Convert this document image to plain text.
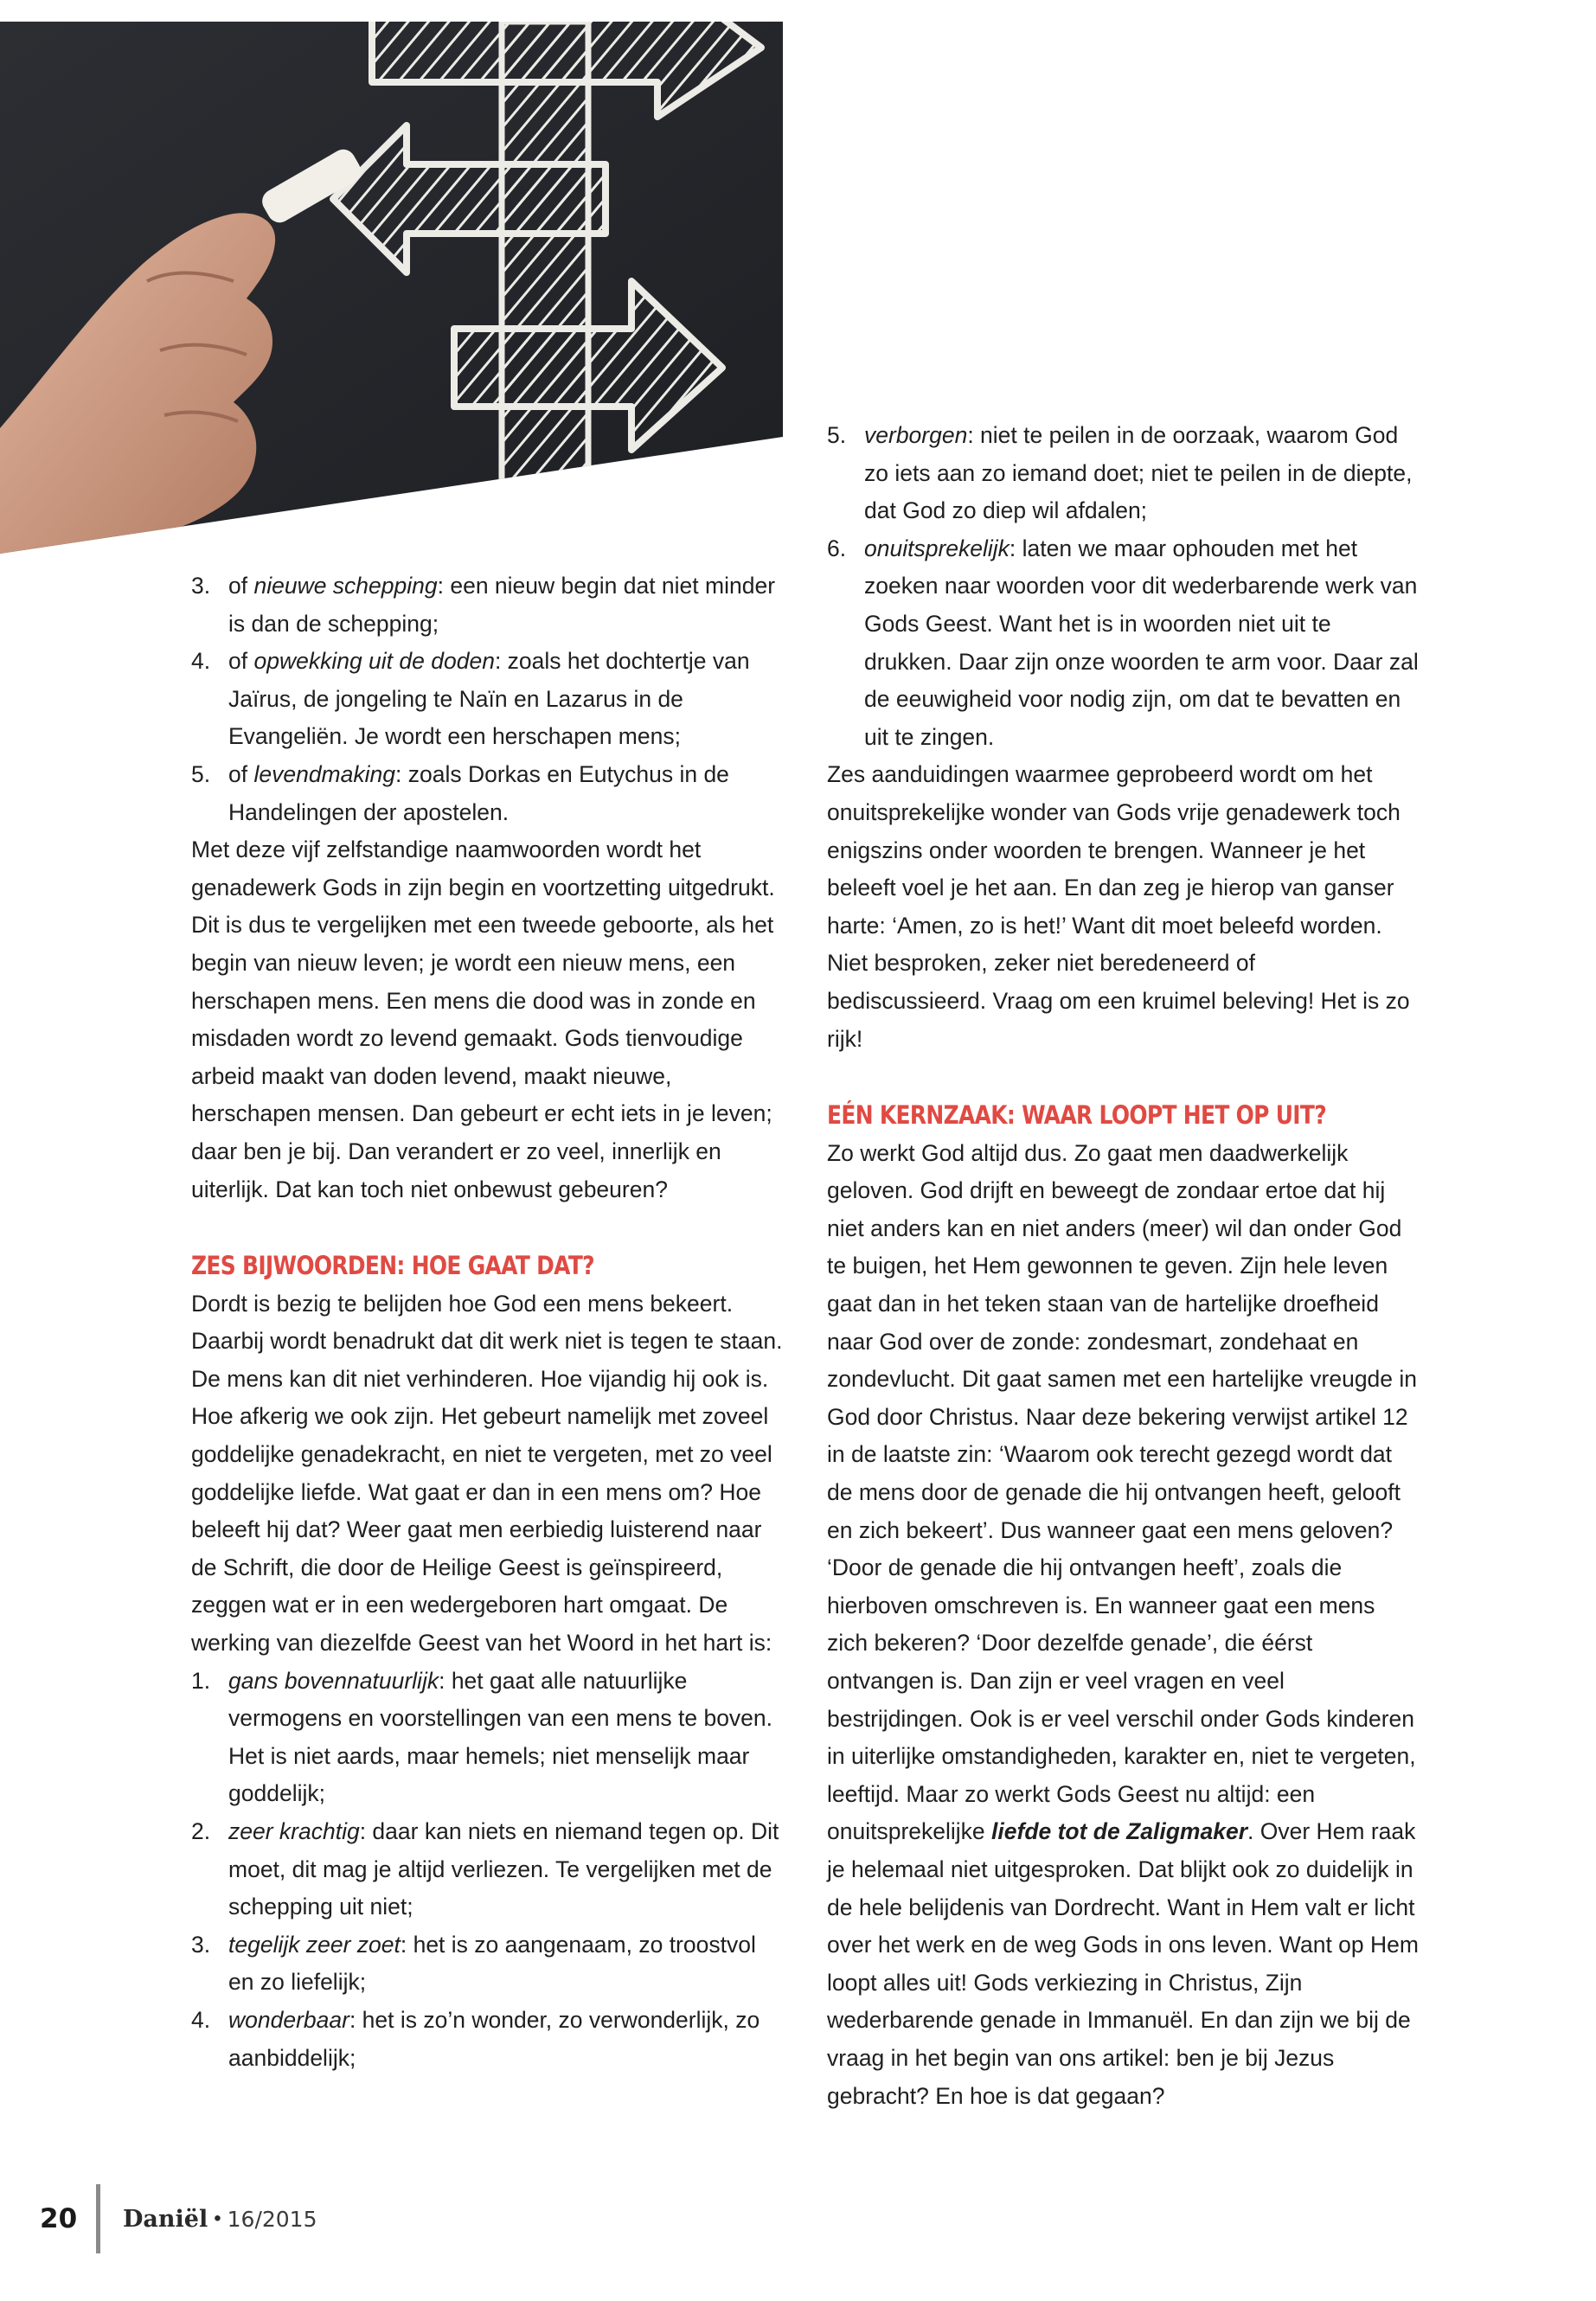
3. of nieuwe schepping: een nieuw begin dat niet minder is dan de schepping;

4. of opwekking uit de doden: zoals het dochtertje van Jaïrus, de jongeling te Naïn en Lazarus in de Evangeliën. Je wordt een herschapen mens;

5. of levendmaking: zoals Dorkas en Eutychus in de Handelingen der apostelen.

Met deze vijf zelfstandige naamwoorden wordt het genadewerk Gods in zijn begin en voortzetting uitgedrukt. Dit is dus te vergelijken met een tweede geboorte, als het begin van nieuw leven; je wordt een nieuw mens, een herschapen mens. Een mens die dood was in zonde en misdaden wordt zo levend gemaakt. Gods tienvoudige arbeid maakt van doden levend, maakt nieuwe, herschapen mensen. Dan gebeurt er echt iets in je leven; daar ben je bij. Dan verandert er zo veel, innerlijk en uiterlijk. Dat kan toch niet onbewust gebeuren?

ZES BIJWOORDEN: HOE GAAT DAT?

Dordt is bezig te belijden hoe God een mens bekeert. Daarbij wordt benadrukt dat dit werk niet is tegen te staan. De mens kan dit niet verhinderen. Hoe vijandig hij ook is. Hoe afkerig we ook zijn. Het gebeurt namelijk met zoveel goddelijke genadekracht, en niet te vergeten, met zo veel goddelijke liefde. Wat gaat er dan in een mens om? Hoe beleeft hij dat? Weer gaat men eerbiedig luisterend naar de Schrift, die door de Heilige Geest is geïnspireerd, zeggen wat er in een wedergeboren hart omgaat. De werking van diezelfde Geest van het Woord in het hart is:

1. gans bovennatuurlijk: het gaat alle natuurlijke vermogens en voorstellingen van een mens te boven. Het is niet aards, maar hemels; niet menselijk maar goddelijk;

2. zeer krachtig: daar kan niets en niemand tegen op. Dit moet, dit mag je altijd verliezen. Te vergelijken met de schepping uit niet;

3. tegelijk zeer zoet: het is zo aangenaam, zo troostvol en zo liefelijk;

4. wonderbaar: het is zo’n wonder, zo verwonderlijk, zo aanbiddelijk;

5. verborgen: niet te peilen in de oorzaak, waarom God zo iets aan zo iemand doet; niet te peilen in de diepte, dat God zo diep wil afdalen;

6. onuitsprekelijk: laten we maar ophouden met het zoeken naar woorden voor dit wederbarende werk van Gods Geest. Want het is in woorden niet uit te drukken. Daar zijn onze woorden te arm voor. Daar zal de eeuwigheid voor nodig zijn, om dat te bevatten en uit te zingen.

Zes aanduidingen waarmee geprobeerd wordt om het onuitsprekelijke wonder van Gods vrije genadewerk toch enigszins onder woorden te brengen. Wanneer je het beleeft voel je het aan. En dan zeg je hierop van ganser harte: ‘Amen, zo is het!’ Want dit moet beleefd worden. Niet besproken, zeker niet beredeneerd of bediscussieerd. Vraag om een kruimel beleving! Het is zo rijk!

EÉN KERNZAAK: WAAR LOOPT HET OP UIT?

Zo werkt God altijd dus. Zo gaat men daadwerkelijk geloven. God drijft en beweegt de zondaar ertoe dat hij niet anders kan en niet anders (meer) wil dan onder God te buigen, het Hem gewonnen te geven. Zijn hele leven gaat dan in het teken staan van de hartelijke droefheid naar God over de zonde: zondesmart, zondehaat en zondevlucht. Dit gaat samen met een hartelijke vreugde in God door Christus. Naar deze bekering verwijst artikel 12 in de laatste zin: ‘Waarom ook terecht gezegd wordt dat de mens door de genade die hij ontvangen heeft, gelooft en zich bekeert’. Dus wanneer gaat een mens geloven? ‘Door de genade die hij ontvangen heeft’, zoals die hierboven omschreven is. En wanneer gaat een mens zich bekeren? ‘Door dezelfde genade’, die éérst ontvangen is. Dan zijn er veel vragen en veel bestrijdingen. Ook is er veel verschil onder Gods kinderen in uiterlijke omstandigheden, karakter en, niet te vergeten, leeftijd. Maar zo werkt Gods Geest nu altijd: een onuitsprekelijke liefde tot de Zaligmaker. Over Hem raak je helemaal niet uitgesproken. Dat blijkt ook zo duidelijk in de hele belijdenis van Dordrecht. Want in Hem valt er licht over het werk en de weg Gods in ons leven. Want op Hem loopt alles uit! Gods verkiezing in Christus, Zijn wederbarende genade in Immanuël. En dan zijn we bij de vraag in het begin van ons artikel: ben je bij Jezus gebracht? En hoe is dat gegaan?

20	Daniël • 16/2015
